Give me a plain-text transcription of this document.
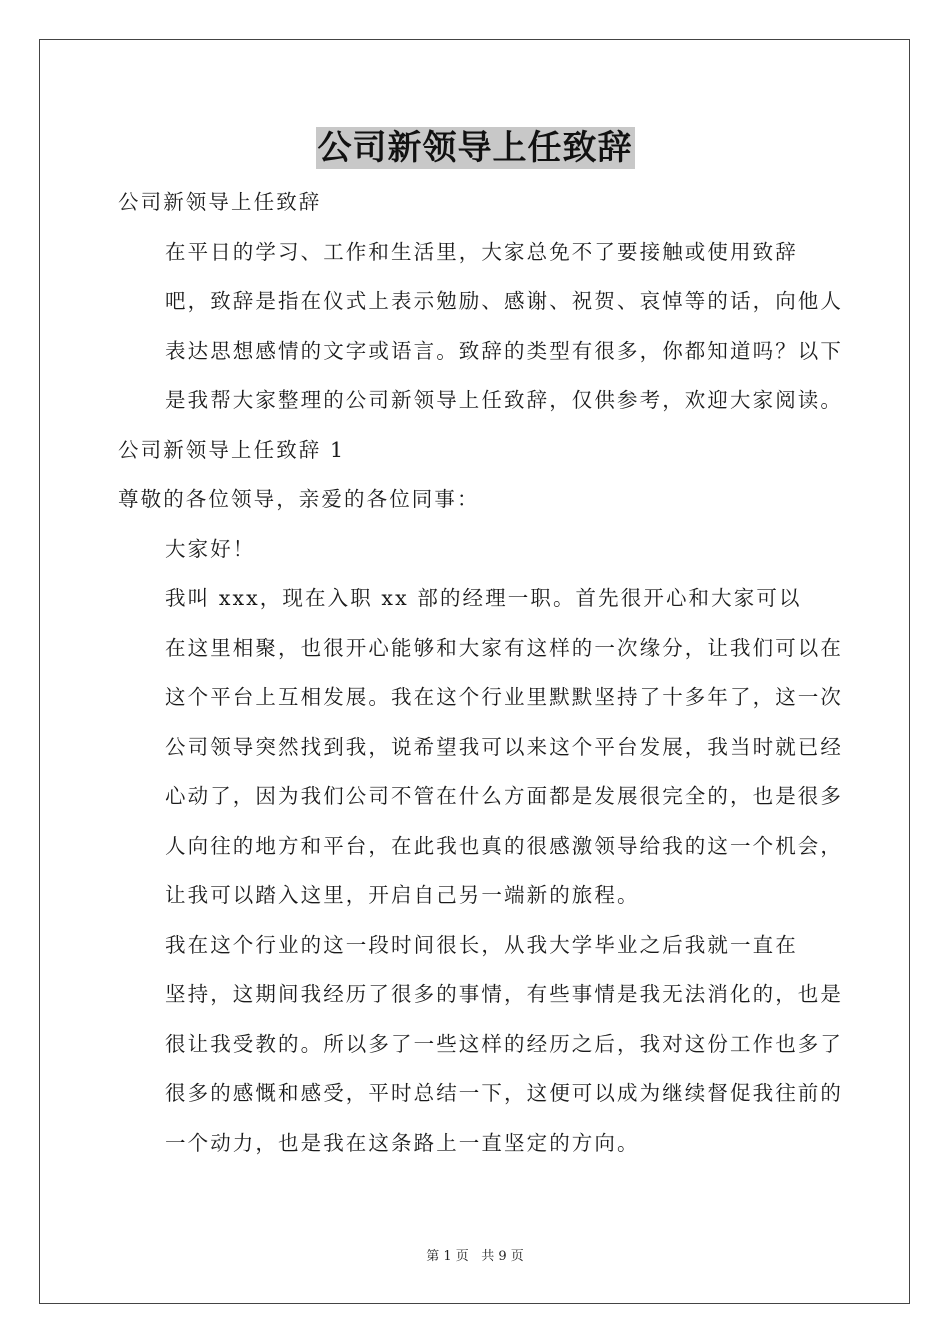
公司新领导上任致辞

公司新领导上任致辞

在平日的学习、工作和生活里，大家总免不了要接触或使用致辞
吧，致辞是指在仪式上表示勉励、感谢、祝贺、哀悼等的话，向他人
表达思想感情的文字或语言。致辞的类型有很多，你都知道吗？以下
是我帮大家整理的公司新领导上任致辞，仅供参考，欢迎大家阅读。

公司新领导上任致辞 1

尊敬的各位领导，亲爱的各位同事：

大家好！

我叫 xxx，现在入职 xx 部的经理一职。首先很开心和大家可以
在这里相聚，也很开心能够和大家有这样的一次缘分，让我们可以在
这个平台上互相发展。我在这个行业里默默坚持了十多年了，这一次
公司领导突然找到我，说希望我可以来这个平台发展，我当时就已经
心动了，因为我们公司不管在什么方面都是发展很完全的，也是很多
人向往的地方和平台，在此我也真的很感激领导给我的这一个机会，
让我可以踏入这里，开启自己另一端新的旅程。

我在这个行业的这一段时间很长，从我大学毕业之后我就一直在
坚持，这期间我经历了很多的事情，有些事情是我无法消化的，也是
很让我受教的。所以多了一些这样的经历之后，我对这份工作也多了
很多的感慨和感受，平时总结一下，这便可以成为继续督促我往前的
一个动力，也是我在这条路上一直坚定的方向。

第 1 页   共 9 页
